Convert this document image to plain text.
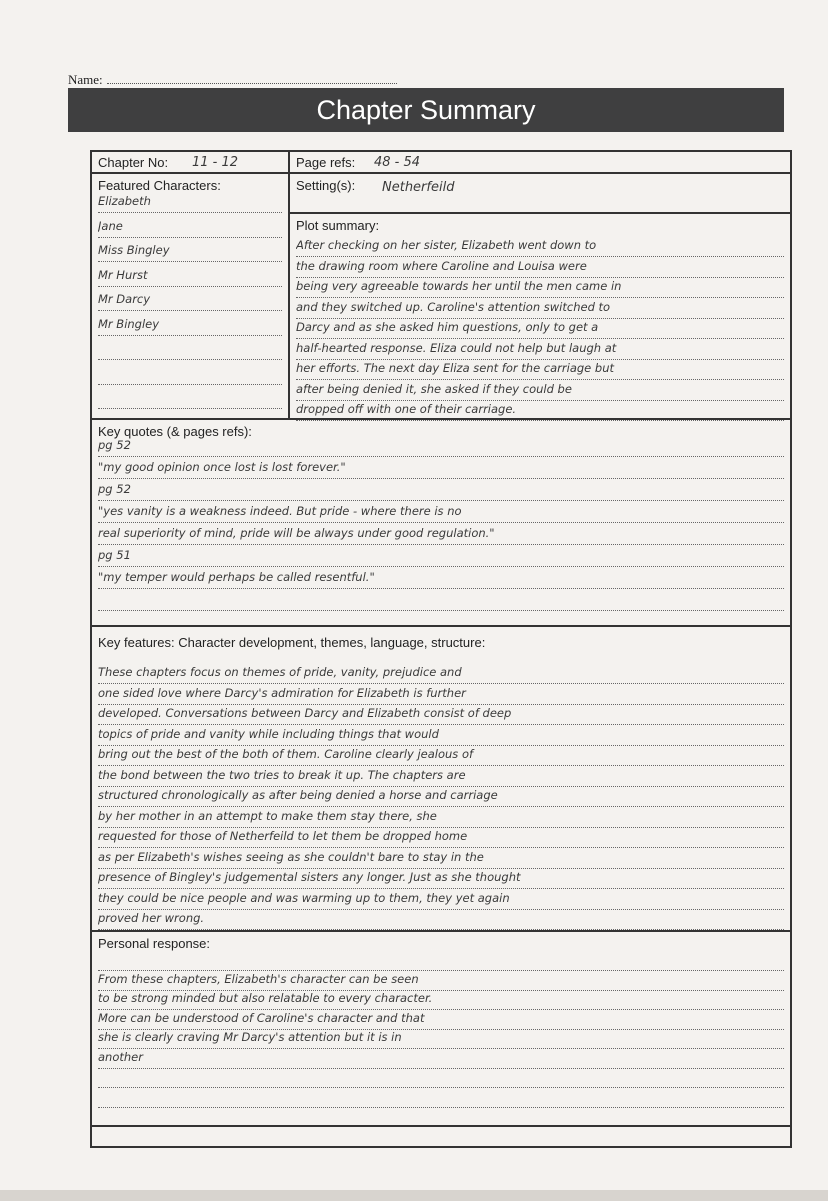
Name:
Chapter Summary
Chapter No: 11 - 12	Page refs: 48 - 54
Featured Characters:
Elizabeth
Jane
Miss Bingley
Mr Hurst
Mr Darcy
Mr Bingley
Setting(s): Netherfeild
Plot summary:
After checking on her sister, Elizabeth went down to
the drawing room where Caroline and Louisa were
being very agreeable towards her until the men came in
and they switched up. Caroline's attention switched to
Darcy and as she asked him questions, only to get a
half-hearted response. Eliza could not help but laugh at
her efforts. The next day Eliza sent for the carriage but
after being denied it, she asked if they could be
dropped off with one of their carriage.
Key quotes (& pages refs):
pg 52
"my good opinion once lost is lost forever."
pg 52
"yes vanity is a weakness indeed. But pride - where there is no
real superiority of mind, pride will be always under good regulation."
pg 51
"my temper would perhaps be called resentful."
Key features: Character development, themes, language, structure:
These chapters focus on themes of pride, vanity, prejudice and
one sided love where Darcy's admiration for Elizabeth is further
developed. Conversations between Darcy and Elizabeth consist of deep
topics of pride and vanity while including things that would
bring out the best of the both of them. Caroline clearly jealous of
the bond between the two tries to break it up. The chapters are
structured chronologically as after being denied a horse and carriage
by her mother in an attempt to make them stay there, she
requested for those of Netherfeild to let them be dropped home
as per Elizabeth's wishes seeing as she couldn't bare to stay in the
presence of Bingley's judgemental sisters any longer. Just as she thought
they could be nice people and was warming up to them, they yet again
proved her wrong.
Personal response:
From these chapters, Elizabeth's character can be seen
to be strong minded but also relatable to every character.
More can be understood of Caroline's character and that
she is clearly craving Mr Darcy's attention but it is in
another
